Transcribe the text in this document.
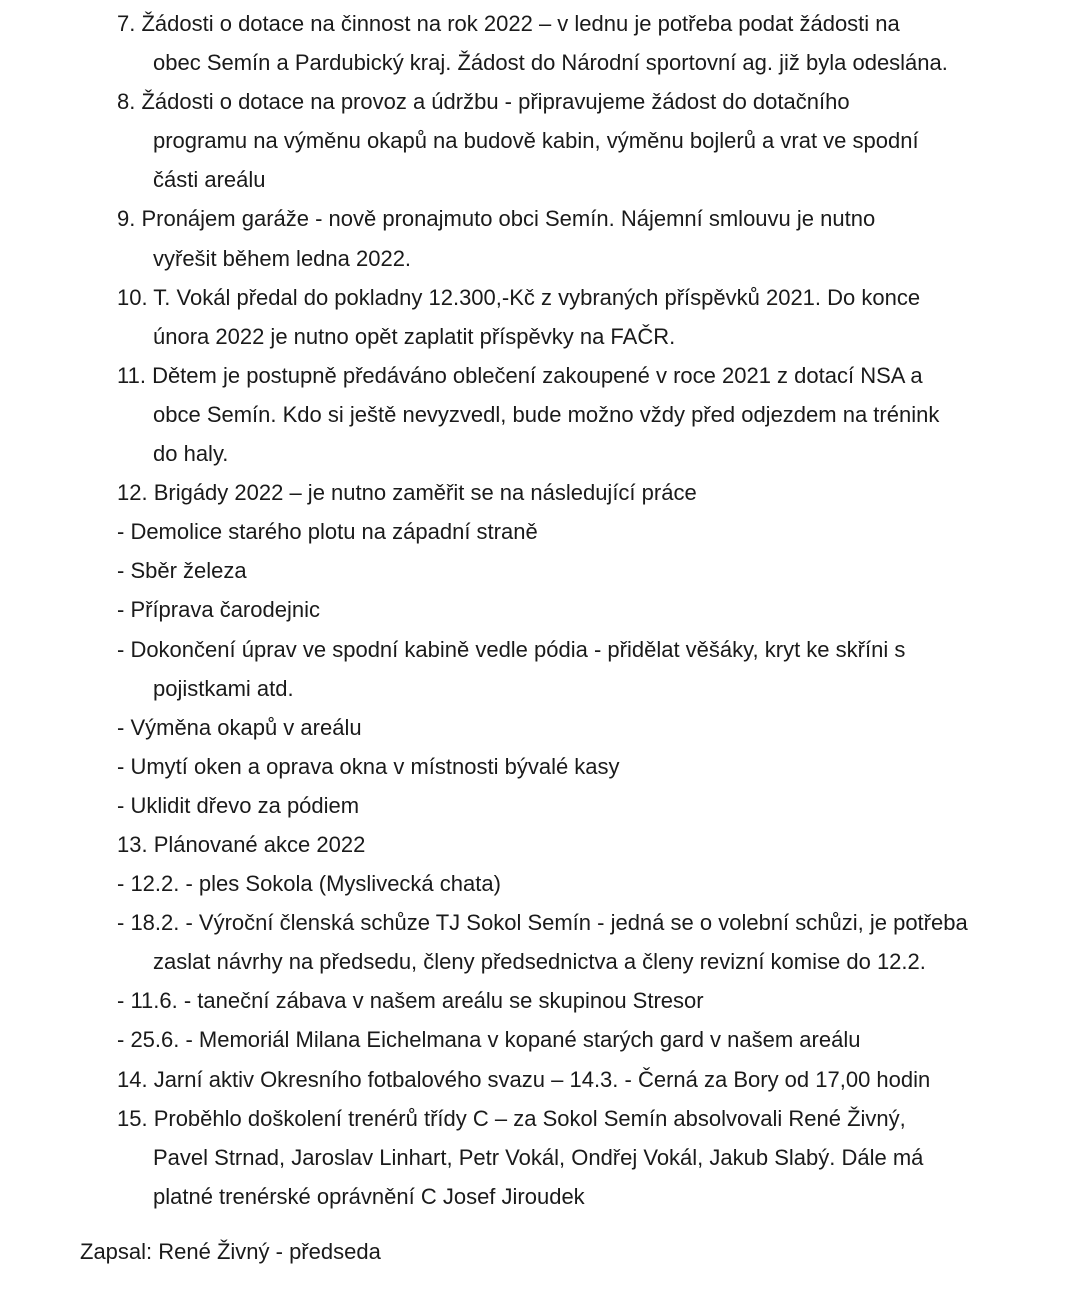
7. Žádosti o dotace na činnost na rok 2022 – v lednu je potřeba podat žádosti na
obec Semín a Pardubický kraj. Žádost do Národní sportovní ag. již byla odeslána.
8. Žádosti o dotace na provoz a údržbu - připravujeme žádost do dotačního
programu na výměnu okapů na budově kabin, výměnu bojlerů a vrat ve spodní
části areálu
9. Pronájem garáže - nově pronajmuto obci Semín. Nájemní smlouvu je nutno
vyřešit během ledna 2022.
10. T. Vokál předal do pokladny 12.300,-Kč z vybraných příspěvků 2021. Do konce
února 2022 je nutno opět zaplatit příspěvky na FAČR.
11. Dětem je postupně předáváno oblečení zakoupené v roce 2021 z dotací NSA a
obce Semín. Kdo si ještě nevyzvedl, bude možno vždy před odjezdem na trénink
do haly.
12. Brigády 2022 – je nutno zaměřit se na následující práce
- Demolice starého plotu na západní straně
- Sběr železa
- Příprava čarodejnic
- Dokončení úprav ve spodní kabině vedle pódia - přidělat věšáky, kryt ke skříni s
pojistkami atd.
- Výměna okapů v areálu
- Umytí oken a oprava okna v místnosti bývalé kasy
- Uklidit dřevo za pódiem
13. Plánované akce 2022
- 12.2. - ples Sokola (Myslivecká chata)
- 18.2. - Výroční členská schůze TJ Sokol Semín - jedná se o volební schůzi, je potřeba
zaslat návrhy na předsedu, členy předsednictva a členy revizní komise do 12.2.
- 11.6. - taneční zábava v našem areálu se skupinou Stresor
- 25.6. - Memoriál Milana Eichelmana v kopané starých gard v našem areálu
14. Jarní aktiv Okresního fotbalového svazu – 14.3. - Černá za Bory od 17,00 hodin
15. Proběhlo doškolení trenérů třídy C – za Sokol Semín absolvovali René Živný,
Pavel Strnad, Jaroslav Linhart, Petr Vokál, Ondřej Vokál, Jakub Slabý. Dále má
platné trenérské oprávnění C Josef Jiroudek
Zapsal: René Živný - předseda
